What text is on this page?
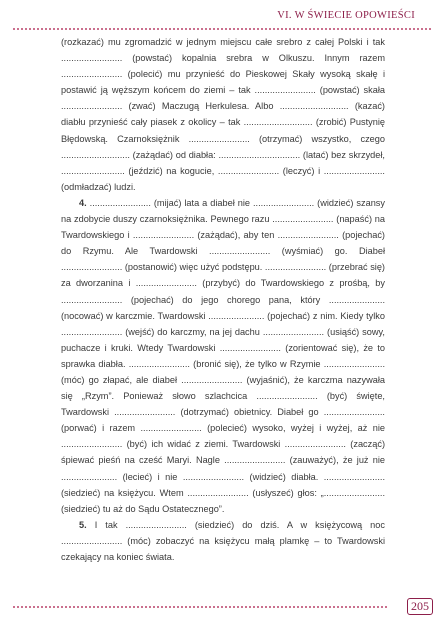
VI. W ŚWIECIE OPOWIEŚCI

(rozkazać) mu zgromadzić w jednym miejscu całe srebro z całej Polski i tak ........................ (powstać) kopalnia srebra w Olkuszu. Innym razem ........................ (polecić) mu przynieść do Pieskowej Skały wysoką skałę i postawić ją węższym końcem do ziemi – tak ........................ (powstać) skała ........................ (zwać) Maczugą Herkulesa. Albo ........................... (kazać) diabłu przynieść cały piasek z okolicy – tak ........................... (zrobić) Pustynię Błędowską. Czarnoksiężnik ........................ (otrzymać) wszystko, czego ........................... (zażądać) od diabła: ................................ (latać) bez skrzydeł, ......................... (jeździć) na kogucie, ........................ (leczyć) i ........................ (odmładzać) ludzi.

4. ........................ (mijać) lata a diabeł nie ........................ (widzieć) szansy na zdobycie duszy czarnoksiężnika. Pewnego razu ........................ (napaść) na Twardowskiego i ........................ (zażądać), aby ten ........................ (pojechać) do Rzymu. Ale Twardowski ........................ (wyśmiać) go. Diabeł ........................ (postanowić) więc użyć podstępu. ........................ (przebrać się) za dworzanina i ........................ (przybyć) do Twardowskiego z prośbą, by ........................ (pojechać) do jego chorego pana, który ...................... (nocować) w karczmie. Twardowski ...................... (pojechać) z nim. Kiedy tylko ........................ (wejść) do karczmy, na jej dachu ........................ (usiąść) sowy, puchacze i kruki. Wtedy Twardowski ........................ (zorientować się), że to sprawka diabła. ........................ (bronić się), że tylko w Rzymie ........................ (móc) go złapać, ale diabeł ........................ (wyjaśnić), że karczma nazywała się „Rzym”. Ponieważ słowo szlachcica ........................ (być) święte, Twardowski ........................ (dotrzymać) obietnicy. Diabeł go ........................ (porwać) i razem ........................ (polecieć) wysoko, wyżej i wyżej, aż nie ........................ (być) ich widać z ziemi. Twardowski ........................ (zacząć) śpiewać pieśń na cześć Maryi. Nagle ........................ (zauważyć), że już nie ...................... (lecieć) i nie ........................ (widzieć) diabła. ........................ (siedzieć) na księżycu. Wtem ........................ (usłyszeć) głos: „........................ (siedzieć) tu aż do Sądu Ostatecznego”.

5. I tak ........................ (siedzieć) do dziś. A w księżycową noc ........................ (móc) zobaczyć na księżycu małą plamkę – to Twardowski czekający na koniec świata.

205
